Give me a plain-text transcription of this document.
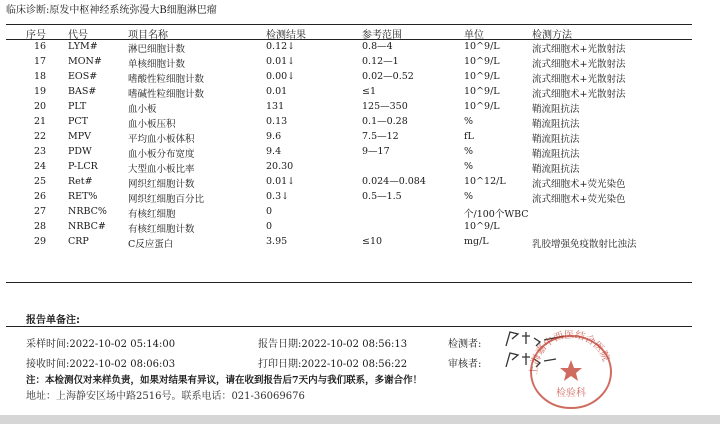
临床诊断:原发中枢神经系统弥漫大B细胞淋巴瘤
序号 代号	项目名称	检测结果	参考范围	单位	检测方法
16 LYM#	淋巴细胞计数	0.12↓	0.8—4	10^9/L	流式细胞术+光散射法
17 MON#	单核细胞计数	0.01↓	0.12—1	10^9/L	流式细胞术+光散射法
18 EOS#	嗜酸性粒细胞计数	0.00↓	0.02—0.52	10^9/L	流式细胞术+光散射法
19 BAS#	嗜碱性粒细胞计数	0.01	≤1	10^9/L	流式细胞术+光散射法
20 PLT	血小板	131	125—350	10^9/L	鞘流阻抗法
21 PCT	血小板压积	0.13	0.1—0.28	%	鞘流阻抗法
22 MPV	平均血小板体积	9.6	7.5—12	fL	鞘流阻抗法
23 PDW	血小板分布宽度	9.4	9—17	%	鞘流阻抗法
24 P-LCR	大型血小板比率	20.30	%	鞘流阻抗法
25 Ret#	网织红细胞计数	0.01↓	0.024—0.084	10^12/L	流式细胞术+荧光染色
26 RET%	网织红细胞百分比	0.3↓	0.5—1.5	%	流式细胞术+荧光染色
27 NRBC% 有核红细胞	0	个/100个WBC
28 NRBC# 有核红细胞计数	0	10^9/L
29 CRP	C反应蛋白	3.95	≤10	mg/L	乳胶增强免疫散射比浊法
报告单备注:
采样时间:2022-10-02 05:14:00	报告日期:2022-10-02 08:56:13	检测者:
接收时间:2022-10-02 08:06:03	打印日期:2022-10-02 08:56:22	审核者:
上海嘉中西医结合医院
检验科
注：本检测仅对来样负责，如果对结果有异议，请在收到报告后7天内与我们联系，多谢合作！
地址：上海静安区场中路2516号。联系电话：021-36069676
